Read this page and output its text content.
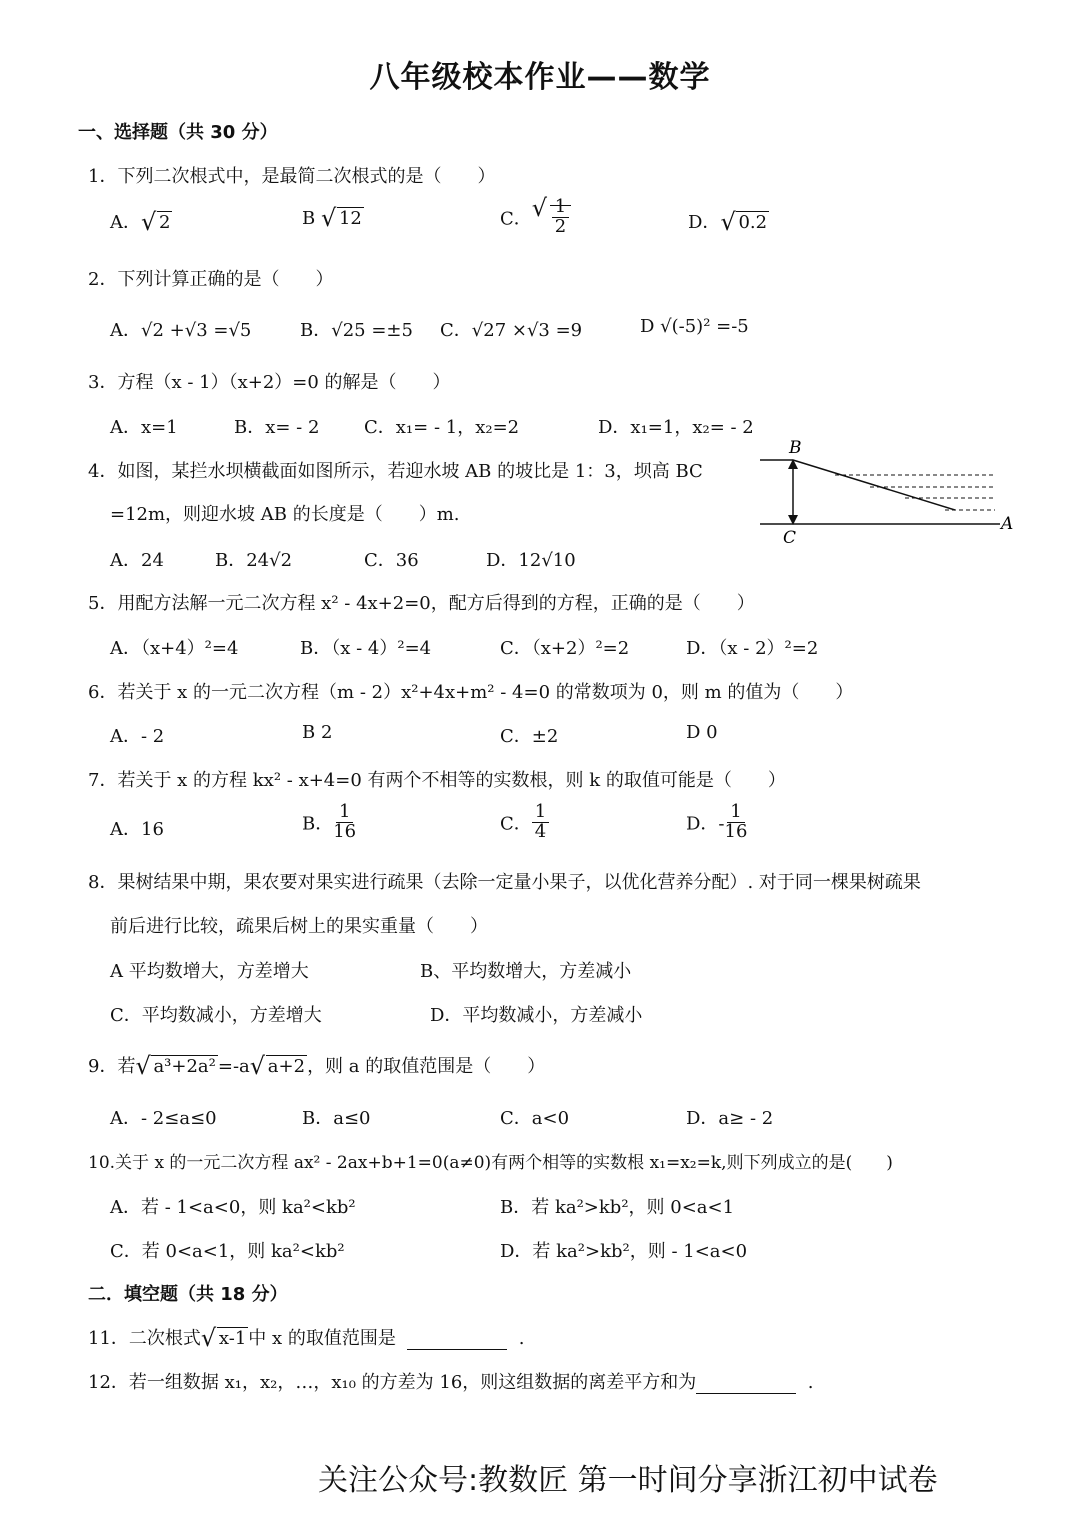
八年级校本作业——数学
一、选择题（共 30 分）
1．下列二次根式中，是最简二次根式的是（　　）
A． √ 2	B √ 12	C． √ $\frac{1}{2}$	D． √ 0.2
2．下列计算正确的是（　　）
A．√2 +√3 =√5	B．√25 =±5 C．√27 ×√3 =9	D √(-5)² =-5
3．方程（x - 1）（x+2）=0 的解是（　　）
A．x=1	B．x= - 2 C．x₁= - 1，x₂=2	D．x₁=1，x₂= - 2
4．如图，某拦水坝横截面如图所示，若迎水坡 AB 的坡比是 1：3，坝高 BC
=12m，则迎水坡 AB 的长度是（　　）m.
A．24	B．24√2	C．36	D．12√10
B
C
A
5．用配方法解一元二次方程 x² - 4x+2=0，配方后得到的方程，正确的是（　　）
A．（x+4）²=4	B．（x - 4）²=4	C．（x+2）²=2	D．（x - 2）²=2
6．若关于 x 的一元二次方程（m - 2）x²+4x+m² - 4=0 的常数项为 0，则 m 的值为（　　）
A．- 2	B 2	C．±2	D 0
7．若关于 x 的方程 kx² - x+4=0 有两个不相等的实数根，则 k 的取值可能是（　　）
A．16	B． $\frac{1}{16}$	C． $\frac{1}{4}$	D．- $\frac{1}{16}$
8．果树结果中期，果农要对果实进行疏果（去除一定量小果子，以优化营养分配）. 对于同一棵果树疏果
前后进行比较，疏果后树上的果实重量（　　）
A 平均数增大，方差增大	B、平均数增大，方差减小
C．平均数减小，方差增大	D．平均数减小，方差减小
9．若 √ a³+2a² =-a √ a+2 ，则 a 的取值范围是（　　）
A．- 2≤a≤0	B．a≤0	C．a<0	D．a≥ - 2
10.关于 x 的一元二次方程 ax² - 2ax+b+1=0(a≠0)有两个相等的实数根 x₁=x₂=k,则下列成立的是(　　)
A．若 - 1<a<0，则 ka²<kb²	B．若 ka²>kb²，则 0<a<1
C．若 0<a<1，则 ka²<kb²	D．若 ka²>kb²，则 - 1<a<0
二．填空题（共 18 分）
11．二次根式 √ x-1 中 x 的取值范围是	.
12．若一组数据 x₁，x₂，…，x₁₀ 的方差为 16，则这组数据的离差平方和为	.
关注公众号:教数匠 第一时间分享浙江初中试卷
